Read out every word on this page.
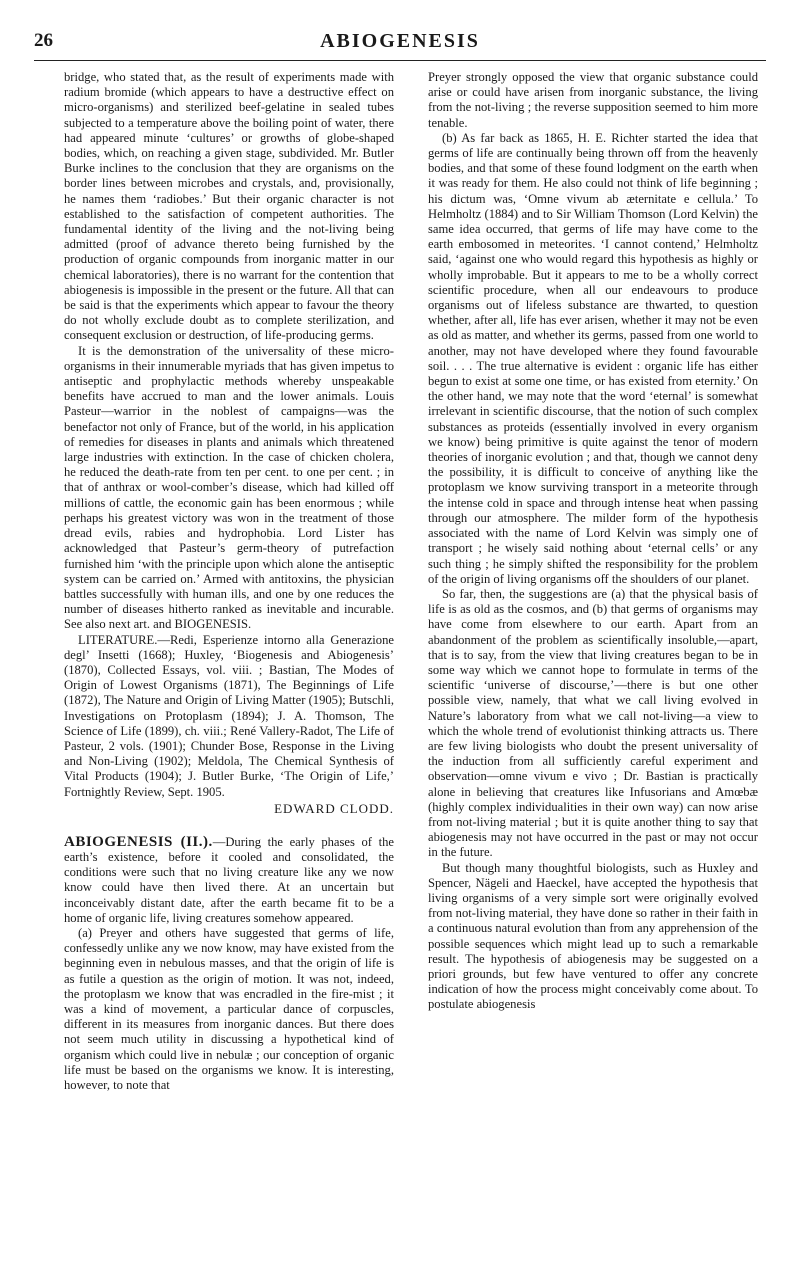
26	ABIOGENESIS

bridge, who stated that, as the result of experiments made with radium bromide (which appears to have a destructive effect on micro-organisms) and sterilized beef-gelatine in sealed tubes subjected to a temperature above the boiling point of water, there had appeared minute ‘cultures’ or growths of globe-shaped bodies, which, on reaching a given stage, subdivided. Mr. Butler Burke inclines to the conclusion that they are organisms on the border lines between microbes and crystals, and, provisionally, he names them ‘radiobes.’ But their organic character is not established to the satisfaction of competent authorities. The fundamental identity of the living and the not-living being admitted (proof of advance thereto being furnished by the production of organic compounds from inorganic matter in our chemical laboratories), there is no warrant for the contention that abiogenesis is impossible in the present or the future. All that can be said is that the experiments which appear to favour the theory do not wholly exclude doubt as to complete sterilization, and consequent exclusion or destruction, of life-producing germs.

It is the demonstration of the universality of these micro-organisms in their innumerable myriads that has given impetus to antiseptic and prophylactic methods whereby unspeakable benefits have accrued to man and the lower animals. Louis Pasteur—warrior in the noblest of campaigns—was the benefactor not only of France, but of the world, in his application of remedies for diseases in plants and animals which threatened large industries with extinction. In the case of chicken cholera, he reduced the death-rate from ten per cent. to one per cent. ; in that of anthrax or wool-comber’s disease, which had killed off millions of cattle, the economic gain has been enormous ; while perhaps his greatest victory was won in the treatment of those dread evils, rabies and hydrophobia. Lord Lister has acknowledged that Pasteur’s germ-theory of putrefaction furnished him ‘with the principle upon which alone the antiseptic system can be carried on.’ Armed with antitoxins, the physician battles successfully with human ills, and one by one reduces the number of diseases hitherto ranked as inevitable and incurable. See also next art. and BIOGENESIS.

LITERATURE.—Redi, Esperienze intorno alla Generazione degl’ Insetti (1668); Huxley, ‘Biogenesis and Abiogenesis’ (1870), Collected Essays, vol. viii. ; Bastian, The Modes of Origin of Lowest Organisms (1871), The Beginnings of Life (1872), The Nature and Origin of Living Matter (1905); Butschli, Investigations on Protoplasm (1894); J. A. Thomson, The Science of Life (1899), ch. viii.; René Vallery-Radot, The Life of Pasteur, 2 vols. (1901); Chunder Bose, Response in the Living and Non-Living (1902); Meldola, The Chemical Synthesis of Vital Products (1904); J. Butler Burke, ‘The Origin of Life,’ Fortnightly Review, Sept. 1905.

EDWARD CLODD.

ABIOGENESIS (II.).—During the early phases of the earth’s existence, before it cooled and consolidated, the conditions were such that no living creature like any we now know could have then lived there. At an uncertain but inconceivably distant date, after the earth became fit to be a home of organic life, living creatures somehow appeared.

(a) Preyer and others have suggested that germs of life, confessedly unlike any we now know, may have existed from the beginning even in nebulous masses, and that the origin of life is as futile a question as the origin of motion. It was not, indeed, the protoplasm we know that was encradled in the fire-mist ; it was a kind of movement, a particular dance of corpuscles, different in its measures from inorganic dances. But there does not seem much utility in discussing a hypothetical kind of organism which could live in nebulæ ; our conception of organic life must be based on the organisms we know. It is interesting, however, to note that

Preyer strongly opposed the view that organic substance could arise or could have arisen from inorganic substance, the living from the not-living ; the reverse supposition seemed to him more tenable.

(b) As far back as 1865, H. E. Richter started the idea that germs of life are continually being thrown off from the heavenly bodies, and that some of these found lodgment on the earth when it was ready for them. He also could not think of life beginning ; his dictum was, ‘Omne vivum ab æternitate e cellula.’ To Helmholtz (1884) and to Sir William Thomson (Lord Kelvin) the same idea occurred, that germs of life may have come to the earth embosomed in meteorites. ‘I cannot contend,’ Helmholtz said, ‘against one who would regard this hypothesis as highly or wholly improbable. But it appears to me to be a wholly correct scientific procedure, when all our endeavours to produce organisms out of lifeless substance are thwarted, to question whether, after all, life has ever arisen, whether it may not be even as old as matter, and whether its germs, passed from one world to another, may not have developed where they found favourable soil. . . . The true alternative is evident : organic life has either begun to exist at some one time, or has existed from eternity.’ On the other hand, we may note that the word ‘eternal’ is somewhat irrelevant in scientific discourse, that the notion of such complex substances as proteids (essentially involved in every organism we know) being primitive is quite against the tenor of modern theories of inorganic evolution ; and that, though we cannot deny the possibility, it is difficult to conceive of anything like the protoplasm we know surviving transport in a meteorite through the intense cold in space and through intense heat when passing through our atmosphere. The milder form of the hypothesis associated with the name of Lord Kelvin was simply one of transport ; he wisely said nothing about ‘eternal cells’ or any such thing ; he simply shifted the responsibility for the problem of the origin of living organisms off the shoulders of our planet.

So far, then, the suggestions are (a) that the physical basis of life is as old as the cosmos, and (b) that germs of organisms may have come from elsewhere to our earth. Apart from an abandonment of the problem as scientifically insoluble,—apart, that is to say, from the view that living creatures began to be in some way which we cannot hope to formulate in terms of the scientific ‘universe of discourse,’—there is but one other possible view, namely, that what we call living evolved in Nature’s laboratory from what we call not-living—a view to which the whole trend of evolutionist thinking attracts us. There are few living biologists who doubt the present universality of the induction from all sufficiently careful experiment and observation—omne vivum e vivo ; Dr. Bastian is practically alone in believing that creatures like Infusorians and Amœbæ (highly complex individualities in their own way) can now arise from not-living material ; but it is quite another thing to say that abiogenesis may not have occurred in the past or may not occur in the future.

But though many thoughtful biologists, such as Huxley and Spencer, Nägeli and Haeckel, have accepted the hypothesis that living organisms of a very simple sort were originally evolved from not-living material, they have done so rather in their faith in a continuous natural evolution than from any apprehension of the possible sequences which might lead up to such a remarkable result. The hypothesis of abiogenesis may be suggested on a priori grounds, but few have ventured to offer any concrete indication of how the process might conceivably come about. To postulate abiogenesis
